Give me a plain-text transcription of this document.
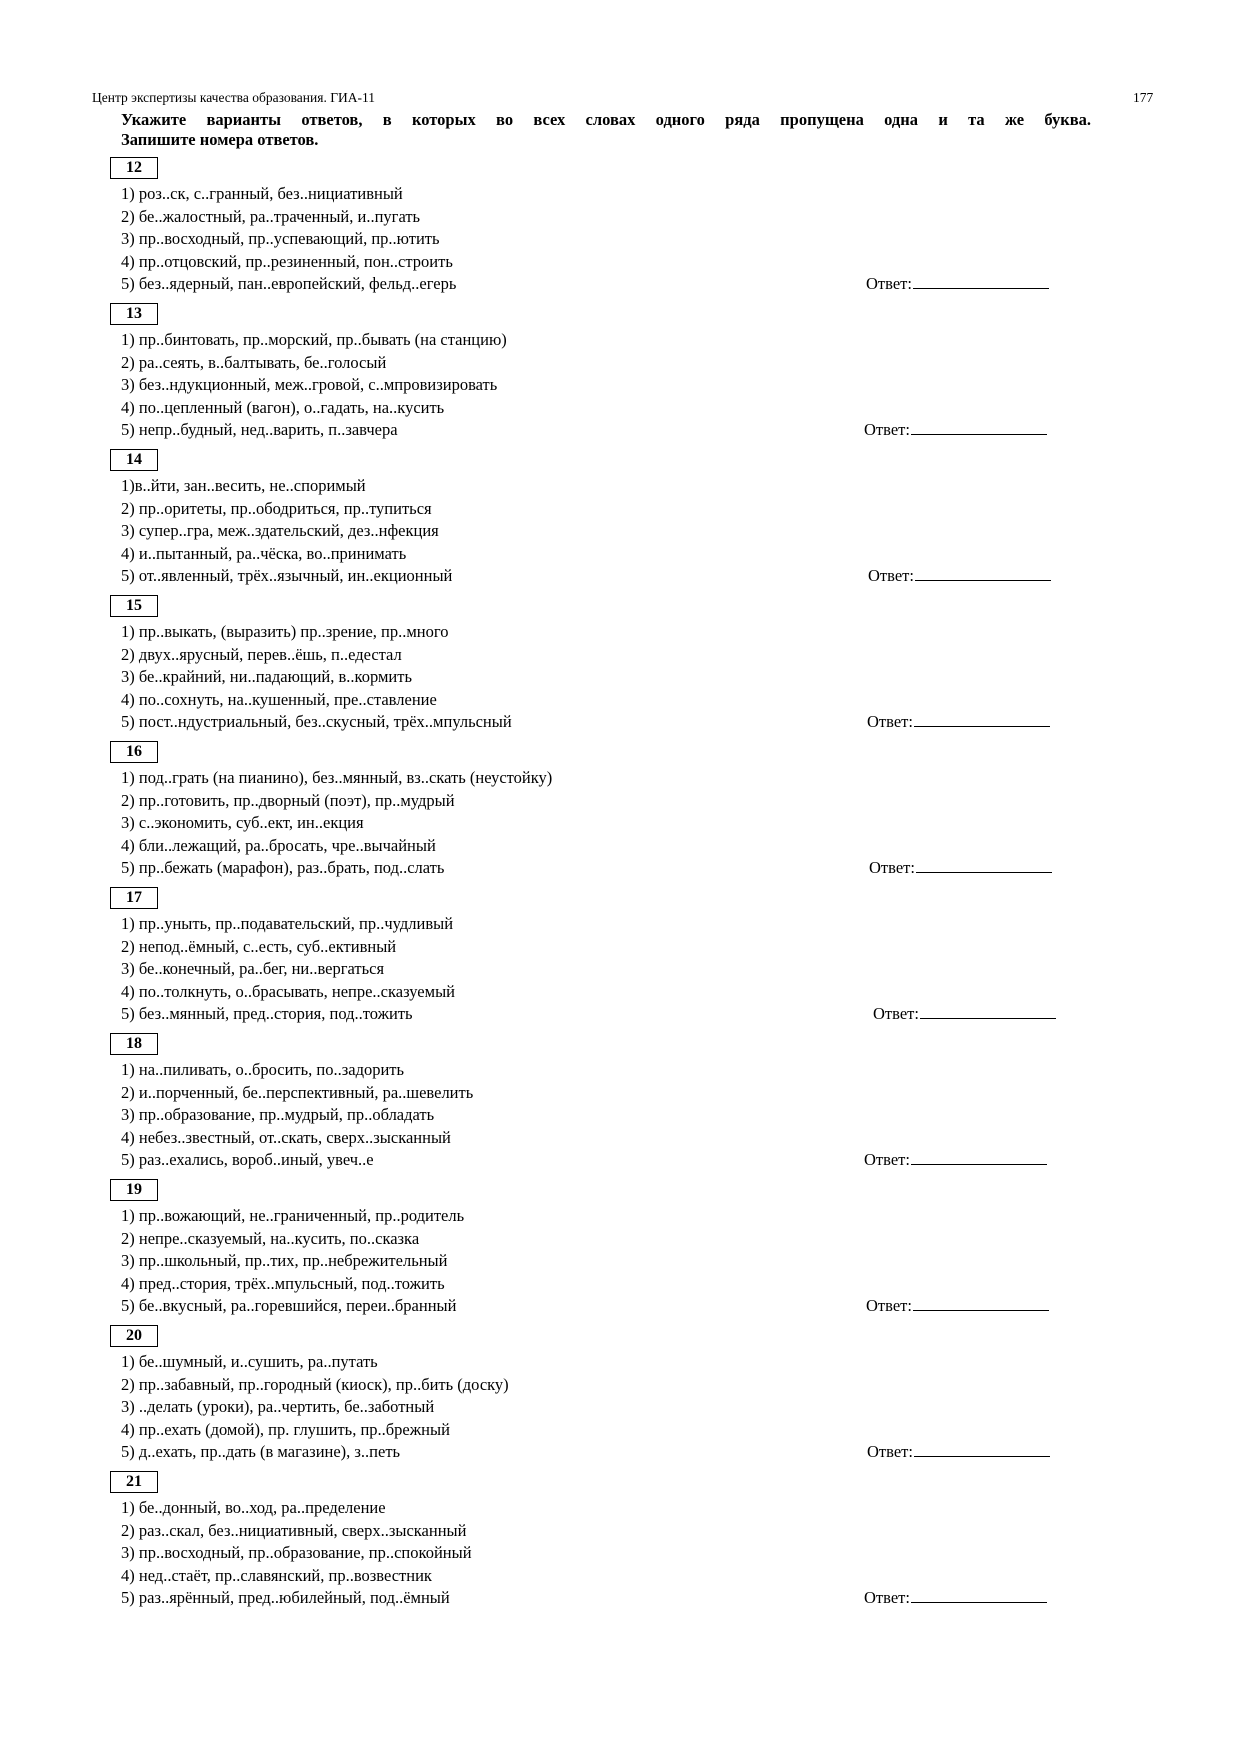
Центр экспертизы качества образования. ГИА-11	177
Укажите варианты ответов, в которых во всех словах одного ряда пропущена одна и та же буква.
Запишите номера ответов.
12
1) роз..ск, с..гранный, без..нициативный
2) бе..жалостный, ра..траченный, и..пугать
3) пр..восходный, пр..успевающий, пр..ютить
4) пр..отцовский, пр..резиненный, пон..строить
5) без..ядерный, пан..европейский, фельд..егерь	Ответ:
13
1) пр..бинтовать, пр..морский, пр..бывать (на станцию)
2) ра..сеять, в..балтывать, бе..голосый
3) без..ндукционный, меж..гровой, с..мпровизировать
4) по..цепленный (вагон), о..гадать, на..кусить
5) непр..будный, нед..варить, п..завчера	Ответ:
14
1)в..йти, зан..весить, не..споримый
2) пр..оритеты, пр..ободриться, пр..тупиться
3) супер..гра, меж..здательский, дез..нфекция
4) и..пытанный, ра..чёска, во..принимать
5) от..явленный, трёх..язычный, ин..екционный	Ответ:
15
1) пр..выкать, (выразить) пр..зрение, пр..много
2) двух..ярусный, перев..ёшь, п..едестал
3) бе..крайний, ни..падающий, в..кормить
4) по..сохнуть, на..кушенный, пре..ставление
5) пост..ндустриальный, без..скусный, трёх..мпульсный	Ответ:
16
1) под..грать (на пианино), без..мянный, вз..скать (неустойку)
2) пр..готовить, пр..дворный (поэт), пр..мудрый
3) с..экономить, суб..ект, ин..екция
4) бли..лежащий, ра..бросать, чре..вычайный
5) пр..бежать (марафон), раз..брать, под..слать	Ответ:
17
1) пр..уныть, пр..подавательский, пр..чудливый
2) непод..ёмный, с..есть, суб..ективный
3) бе..конечный, ра..бег, ни..вергаться
4) по..толкнуть, о..брасывать, непре..сказуемый
5) без..мянный, пред..стория, под..тожить	Ответ:
18
1) на..пиливать, о..бросить, по..задорить
2) и..порченный, бе..перспективный, ра..шевелить
3) пр..образование, пр..мудрый, пр..обладать
4) небез..звестный, от..скать, сверх..зысканный
5) раз..ехались, вороб..иный, увеч..е	Ответ:
19
1) пр..вожающий, не..граниченный, пр..родитель
2) непре..сказуемый, на..кусить, по..сказка
3) пр..школьный, пр..тих, пр..небрежительный
4) пред..стория, трёх..мпульсный, под..тожить
5) бе..вкусный, ра..горевшийся, переи..бранный	Ответ:
20
1) бе..шумный, и..сушить, ра..путать
2) пр..забавный, пр..городный (киоск), пр..бить (доску)
3) ..делать (уроки), ра..чертить, бе..заботный
4) пр..ехать (домой), пр. глушить, пр..брежный
5) д..ехать, пр..дать (в магазине), з..петь	Ответ:
21
1) бе..донный, во..ход, ра..пределение
2) раз..скал, без..нициативный, сверх..зысканный
3) пр..восходный, пр..образование, пр..спокойный
4) нед..стаёт, пр..славянский, пр..возвестник
5) раз..ярённый, пред..юбилейный, под..ёмный	Ответ:
